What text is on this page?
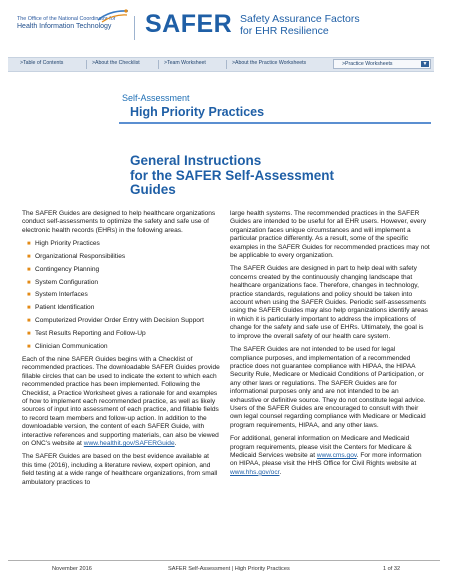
The Office of the National Coordinator for
Health Information Technology	SAFER Safety Assurance Factors
for EHR Resilience
>Table of Contents	>About the Checklist	>Team Worksheet	>About the Practice Worksheets	>Practice Worksheets	▼
Self-Assessment
High Priority Practices
General Instructions
for the SAFER Self-Assessment
Guides

The SAFER Guides are designed to help healthcare organizations conduct self-assessments to optimize the safety and safe use of electronic health records (EHRs) in the following areas.

■ High Priority Practices
■ Organizational Responsibilities
■ Contingency Planning
■ System Configuration
■ System Interfaces
■ Patient Identification
■ Computerized Provider Order Entry with Decision Support
■ Test Results Reporting and Follow-Up
■ Clinician Communication

Each of the nine SAFER Guides begins with a Checklist of recommended practices. The downloadable SAFER Guides provide fillable circles that can be used to indicate the extent to which each recommended practice has been implemented. Following the Checklist, a Practice Worksheet gives a rationale for and examples of how to implement each recommended practice, as well as likely sources of input into assessment of each practice, and fillable fields to record team members and follow-up action. In addition to the downloadable version, the content of each SAFER Guide, with interactive references and supporting materials, can also be viewed on ONC's website at www.healthit.gov/SAFERGuide.

The SAFER Guides are based on the best evidence available at this time (2016), including a literature review, expert opinion, and field testing at a wide range of healthcare organizations, from small ambulatory practices to

large health systems. The recommended practices in the SAFER Guides are intended to be useful for all EHR users. However, every organization faces unique circumstances and will implement a particular practice differently. As a result, some of the specific examples in the SAFER Guides for recommended practices may not be applicable to every organization.

The SAFER Guides are designed in part to help deal with safety concerns created by the continuously changing landscape that healthcare organizations face. Therefore, changes in technology, practice standards, regulations and policy should be taken into account when using the SAFER Guides. Periodic self-assessments using the SAFER Guides may also help organizations identify areas in which it is particularly important to address the implications of change for the safety and safe use of EHRs. Ultimately, the goal is to improve the overall safety of our health care system.

The SAFER Guides are not intended to be used for legal compliance purposes, and implementation of a recommended practice does not guarantee compliance with HIPAA, the HIPAA Security Rule, Medicare or Medicaid Conditions of Participation, or any other laws or regulations. The SAFER Guides are for informational purposes only and are not intended to be an exhaustive or definitive source. They do not constitute legal advice. Users of the SAFER Guides are encouraged to consult with their own legal counsel regarding compliance with Medicare or Medicaid program requirements, HIPAA, and any other laws.

For additional, general information on Medicare and Medicaid program requirements, please visit the Centers for Medicare & Medicaid Services website at www.cms.gov. For more information on HIPAA, please visit the HHS Office for Civil Rights website at www.hhs.gov/ocr.

November 2016	SAFER Self-Assessment | High Priority Practices	1 of 32
